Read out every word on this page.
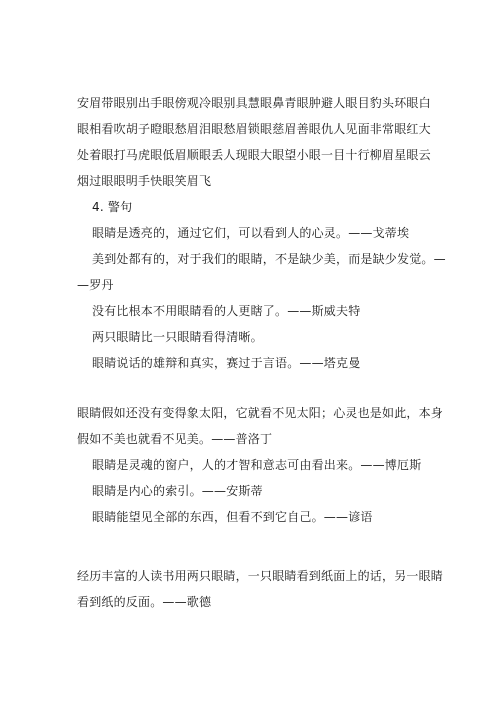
安眉带眼别出手眼傍观冷眼别具慧眼鼻青眼肿避人眼目豹头环眼白
眼相看吹胡子瞪眼愁眉泪眼愁眉锁眼慈眉善眼仇人见面非常眼红大
处着眼打马虎眼低眉顺眼丢人现眼大眼望小眼一目十行柳眉星眼云
烟过眼眼明手快眼笑眉飞
4. 警句
眼睛是透亮的，通过它们，可以看到人的心灵。——戈蒂埃
美到处都有的，对于我们的眼睛，不是缺少美，而是缺少发觉。—
—罗丹
没有比根本不用眼睛看的人更瞎了。——斯威夫特
两只眼睛比一只眼睛看得清晰。
眼睛说话的雄辩和真实，赛过于言语。——塔克曼
眼睛假如还没有变得象太阳，它就看不见太阳；心灵也是如此，本身
假如不美也就看不见美。——普洛丁
眼睛是灵魂的窗户，人的才智和意志可由看出来。——博厄斯
眼睛是内心的索引。——安斯蒂
眼睛能望见全部的东西，但看不到它自己。——谚语
经历丰富的人读书用两只眼睛，一只眼睛看到纸面上的话，另一眼睛
看到纸的反面。——歌德
